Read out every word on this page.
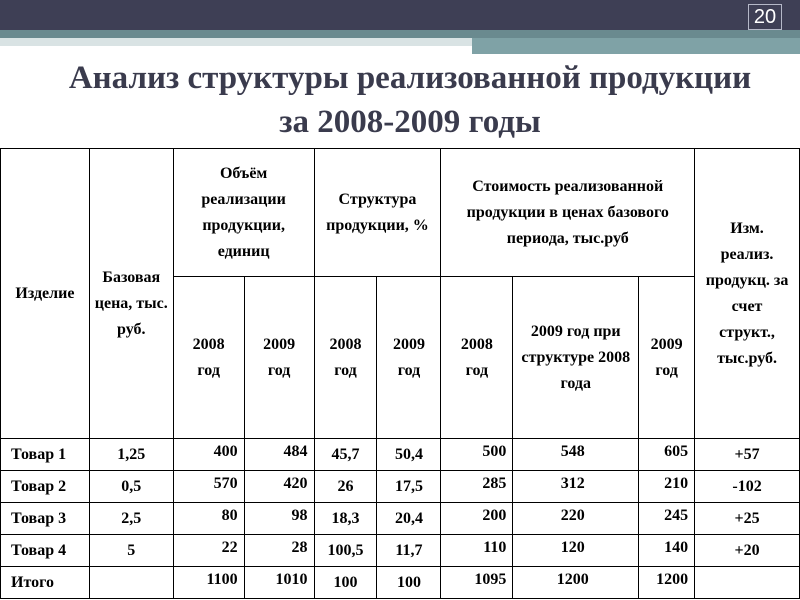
20
Анализ структуры реализованной продукции
за 2008-2009 годы
Изделие	Базовая цена, тыс. руб.	Объём реализации продукции, единиц		Структура продукции, %		Стоимость реализованной продукции в ценах базового периода, тыс.руб			Изм. реализ. продукц. за счет структ., тыс.руб.
		2008 год	2009 год	2008 год	2009 год	2008 год	2009 год при структуре 2008 года	2009 год	
Товар 1	1,25	400	484	45,7	50,4	500	548	605	+57
Товар 2	0,5	570	420	26	17,5	285	312	210	-102
Товар 3	2,5	80	98	18,3	20,4	200	220	245	+25
Товар 4	5	22	28	100,5	11,7	110	120	140	+20
Итого		1100	1010	100	100	1095	1200	1200	
